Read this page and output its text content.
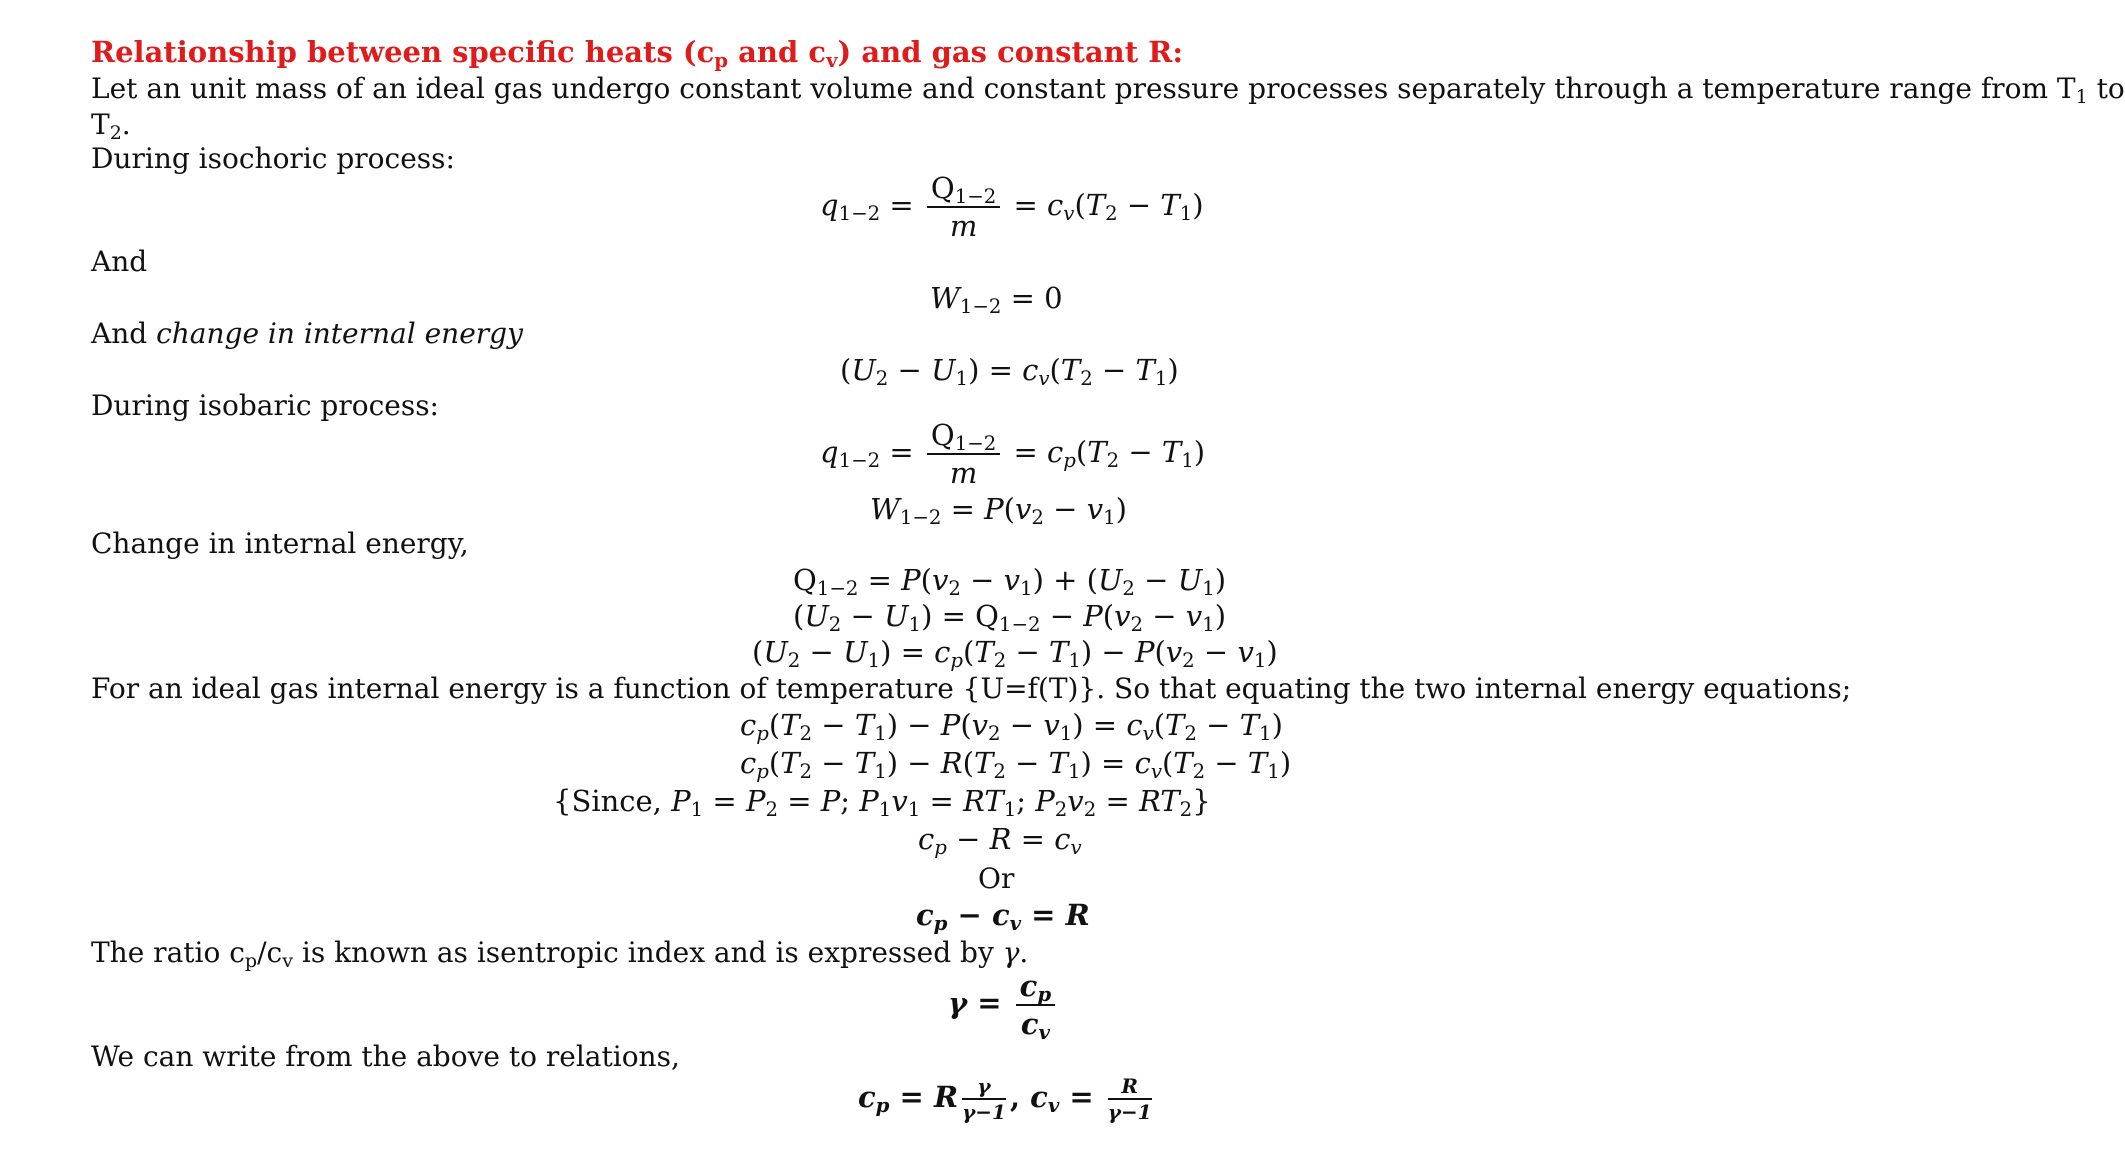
Relationship between specific heats ($c_p$ and $c_v$) and gas constant R:
Let an unit mass of an ideal gas undergo constant volume and constant pressure processes separately through a temperature range from $T_1$ to
$T_2$.
During isochoric process:
$q_{1-2} = \frac{Q_{1-2}}{m} = c_v(T_2 - T_1)$
And
$W_{1-2} = 0$
And change in internal energy
$(U_2 - U_1) = c_v(T_2 - T_1)$
During isobaric process:
$q_{1-2} = \frac{Q_{1-2}}{m} = c_p(T_2 - T_1)$
$W_{1-2} = P(v_2 - v_1)$
Change in internal energy,
$Q_{1-2} = P(v_2 - v_1) + (U_2 - U_1)$
$(U_2 - U_1) = Q_{1-2} - P(v_2 - v_1)$
$(U_2 - U_1) = c_p(T_2 - T_1) - P(v_2 - v_1)$
For an ideal gas internal energy is a function of temperature {U=f(T)}. So that equating the two internal energy equations;
$c_p(T_2 - T_1) - P(v_2 - v_1) = c_v(T_2 - T_1)$
$c_p(T_2 - T_1) - R(T_2 - T_1) = c_v(T_2 - T_1)$
{Since, $P_1 = P_2 = P$; $P_1v_1 = RT_1$; $P_2v_2 = RT_2$}
$c_p - R = c_v$
Or
$c_p - c_v = R$
The ratio $c_p/c_v$ is known as isentropic index and is expressed by γ.
$\gamma = \frac{c_p}{c_v}$
We can write from the above to relations,
$c_p = R \frac{\gamma}{\gamma-1}$ , $c_v = \frac{R}{\gamma-1}$
